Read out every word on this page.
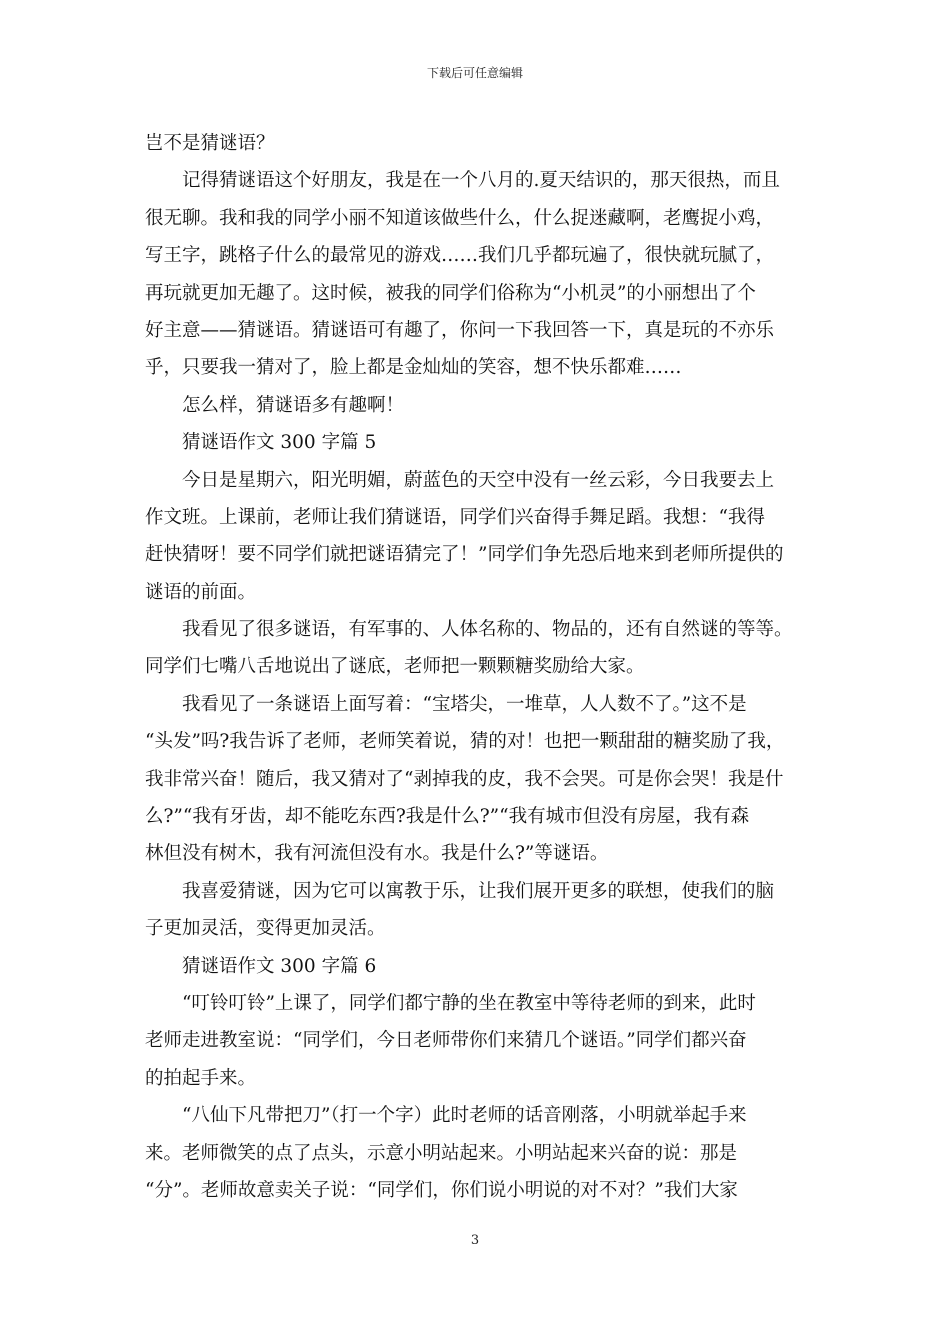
下载后可任意编辑
岂不是猜谜语？
记得猜谜语这个好朋友，我是在一个八月的.夏天结识的，那天很热，而且
很无聊。我和我的同学小丽不知道该做些什么，什么捉迷藏啊，老鹰捉小鸡，
写王字，跳格子什么的最常见的游戏……我们几乎都玩遍了，很快就玩腻了，
再玩就更加无趣了。这时候，被我的同学们俗称为“小机灵”的小丽想出了个
好主意——猜谜语。猜谜语可有趣了，你问一下我回答一下，真是玩的不亦乐
乎，只要我一猜对了，脸上都是金灿灿的笑容，想不快乐都难……
怎么样，猜谜语多有趣啊！
猜谜语作文 300 字篇 5
今日是星期六，阳光明媚，蔚蓝色的天空中没有一丝云彩，今日我要去上
作文班。上课前，老师让我们猜谜语，同学们兴奋得手舞足蹈。我想：“我得
赶快猜呀！要不同学们就把谜语猜完了！”同学们争先恐后地来到老师所提供的
谜语的前面。
我看见了很多谜语，有军事的、人体名称的、物品的，还有自然谜的等等。
同学们七嘴八舌地说出了谜底，老师把一颗颗糖奖励给大家。
我看见了一条谜语上面写着：“宝塔尖，一堆草，人人数不了。”这不是
“头发”吗?我告诉了老师，老师笑着说，猜的对！也把一颗甜甜的糖奖励了我，
我非常兴奋！随后，我又猜对了“剥掉我的皮，我不会哭。可是你会哭！我是什
么?”“我有牙齿，却不能吃东西?我是什么?”“我有城市但没有房屋，我有森
林但没有树木，我有河流但没有水。我是什么?”等谜语。
我喜爱猜谜，因为它可以寓教于乐，让我们展开更多的联想，使我们的脑
子更加灵活，变得更加灵活。
猜谜语作文 300 字篇 6
“叮铃叮铃”上课了，同学们都宁静的坐在教室中等待老师的到来，此时
老师走进教室说：“同学们，今日老师带你们来猜几个谜语。”同学们都兴奋
的拍起手来。
“八仙下凡带把刀”（打一个字）此时老师的话音刚落，小明就举起手来
来。老师微笑的点了点头，示意小明站起来。小明站起来兴奋的说：那是
“分”。老师故意卖关子说：“同学们，你们说小明说的对不对？”我们大家
3
